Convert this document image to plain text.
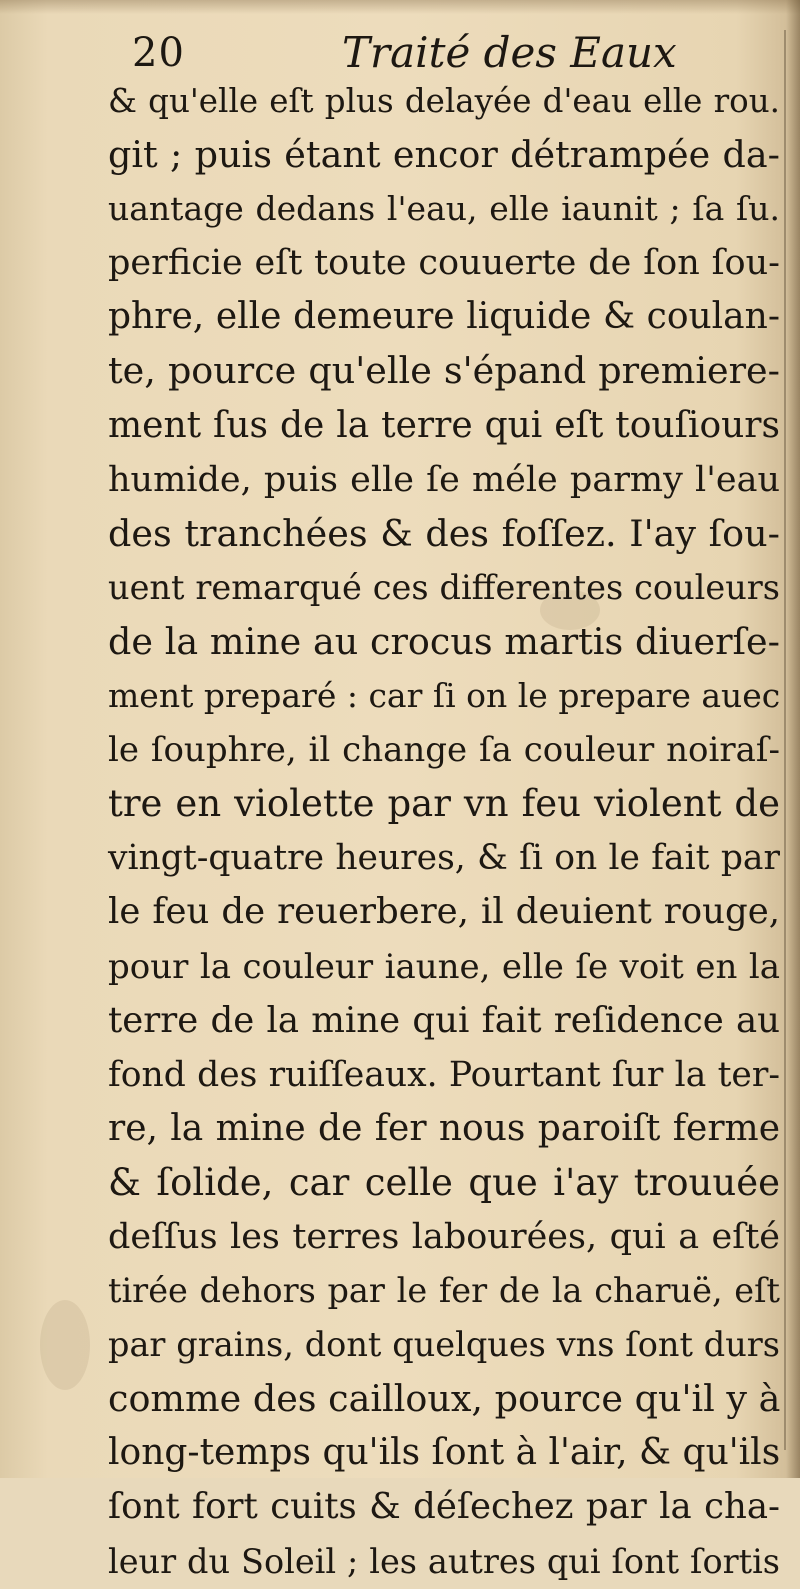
20	Traité des Eaux
& qu'elle eſt plus delayée d'eau elle rou.
git ; puis étant encor détrampée da-
uantage dedans l'eau, elle iaunit ; ſa ſu.
perficie eſt toute couuerte de ſon ſou-
phre, elle demeure liquide & coulan-
te, pource qu'elle s'épand premiere-
ment ſus de la terre qui eſt touſiours
humide, puis elle ſe méle parmy l'eau
des tranchées & des foſſez. I'ay ſou-
uent remarqué ces differentes couleurs
de la mine au crocus martis diuerſe-
ment preparé : car ſi on le prepare auec
le ſouphre, il change ſa couleur noiraſ-
tre en violette par vn feu violent de
vingt-quatre heures, & ſi on le fait par
le feu de reuerbere, il deuient rouge,
pour la couleur iaune, elle ſe voit en la
terre de la mine qui fait reſidence au
fond des ruiſſeaux. Pourtant ſur la ter-
re, la mine de fer nous paroiſt ferme
& ſolide, car celle que i'ay trouuée
deſſus les terres labourées, qui a eſté
tirée dehors par le fer de la charuë, eſt
par grains, dont quelques vns ſont durs
comme des cailloux, pource qu'il y à
long-temps qu'ils ſont à l'air, & qu'ils
ſont fort cuits & déſechez par la cha-
leur du Soleil ; les autres qui ſont ſortis
